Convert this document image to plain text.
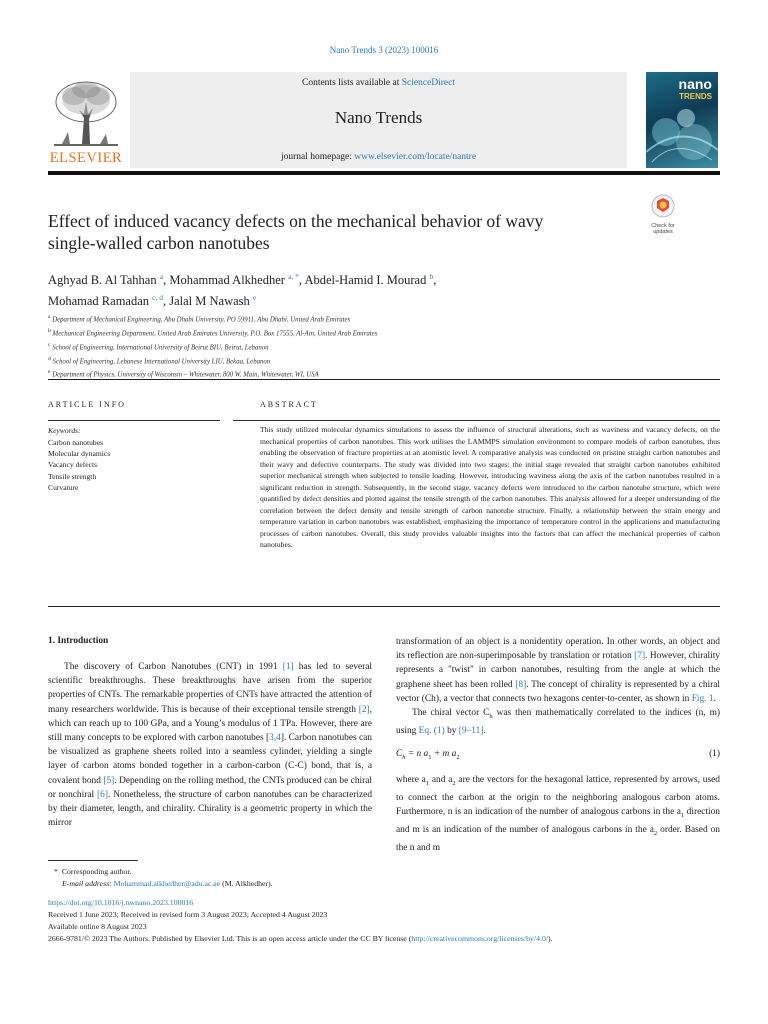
Nano Trends 3 (2023) 100016
ELSEVIER
Contents lists available at ScienceDirect
Nano Trends
journal homepage: www.elsevier.com/locate/nantre
nano
TRENDS
Effect of induced vacancy defects on the mechanical behavior of wavy
single-walled carbon nanotubes
Check for
updates
Aghyad B. Al Tahhan $^a$, Mohammad Alkhedher $^{a, *}$, Abdel-Hamid I. Mourad $^b$,
Mohamad Ramadan $^{c, d}$, Jalal M Nawash $^e$
$^a$ Department of Mechanical Engineering, Abu Dhabi University, PO 59911, Abu Dhabi, United Arab Emirates
$^b$ Mechanical Engineering Department, United Arab Emirates University, P.O. Box 17555, Al-Ain, United Arab Emirates
$^c$ School of Engineering, International University of Beirut BIU, Beirut, Lebanon
$^d$ School of Engineering, Lebanese International University LIU, Bekaa, Lebanon
$^e$ Department of Physics, University of Wisconsin – Whitewater, 800 W. Main, Whitewater, WI, USA
ARTICLE INFO
Keywords:
Carbon nanotubes
Molecular dynamics
Vacancy defects
Tensile strength
Curvature
ABSTRACT
This study utilized molecular dynamics simulations to assess the influence of structural alterations, such as waviness and vacancy defects, on the mechanical properties of carbon nanotubes. This work utilises the LAMMPS simulation environment to compare models of carbon nanotubes, thus enabling the observation of fracture properties at an atomistic level. A comparative analysis was conducted on pristine straight carbon nanotubes and their wavy and defective counterparts. The study was divided into two stages: the initial stage revealed that straight carbon nanotubes exhibited superior mechanical strength when subjected to tensile loading. However, introducing waviness along the axis of the carbon nanotubes resulted in a significant reduction in strength. Subsequently, in the second stage, vacancy defects were introduced to the carbon nanotube structure, which were quantified by defect densities and plotted against the tensile strength of the carbon nanotubes. This analysis allowed for a deeper understanding of the correlation between the defect density and tensile strength of carbon nanotube structure. Finally, a relationship between the strain energy and temperature variation in carbon nanotubes was established, emphasizing the importance of temperature control in the applications and manufacturing processes of carbon nanotubes. Overall, this study provides valuable insights into the factors that can affect the mechanical properties of carbon nanotubes.
1. Introduction

The discovery of Carbon Nanotubes (CNT) in 1991 [1] has led to several scientific breakthroughs. These breakthroughs have arisen from the superior properties of CNTs. The remarkable properties of CNTs have attracted the attention of many researchers worldwide. This is because of their exceptional tensile strength [2], which can reach up to 100 GPa, and a Young’s modulus of 1 TPa. However, there are still many concepts to be explored with carbon nanotubes [3,4]. Carbon nanotubes can be visualized as graphene sheets rolled into a seamless cylinder, yielding a single layer of carbon atoms bonded together in a carbon-carbon (C-C) bond, that is, a covalent bond [5]. Depending on the rolling method, the CNTs produced can be chiral or nonchiral [6]. Nonetheless, the structure of carbon nanotubes can be characterized by their diameter, length, and chirality. Chirality is a geometric property in which the mirror

transformation of an object is a nonidentity operation. In other words, an object and its reflection are non-superimposable by translation or rotation [7]. However, chirality represents a "twist" in carbon nanotubes, resulting from the angle at which the graphene sheet has been rolled [8]. The concept of chirality is represented by a chiral vector (Ch), a vector that connects two hexagons center-to-center, as shown in Fig. 1.

The chiral vector $C_h$ was then mathematically correlated to the indices (n, m) using Eq. (1) by [9–11].

$C_h = n$ $a_1 + m$ $a_2$	(1)

where $a_1$ and $a_2$ are the vectors for the hexagonal lattice, represented by arrows, used to connect the carbon at the origin to the neighboring analogous carbon atoms. Furthermore, n is an indication of the number of analogous carbons in the $a_1$ direction and m is an indication of the number of analogous carbons in the $a_2$ order. Based on the n and m

* Corresponding author.
E-mail address: Mohammad.alkhedher@adu.ac.ae (M. Alkhedher).
https://doi.org/10.1016/j.nwnano.2023.100016
Received 1 June 2023; Received in revised form 3 August 2023; Accepted 4 August 2023
Available online 8 August 2023
2666-9781/© 2023 The Authors. Published by Elsevier Ltd. This is an open access article under the CC BY license (http://creativecommons.org/licenses/by/4.0/).
